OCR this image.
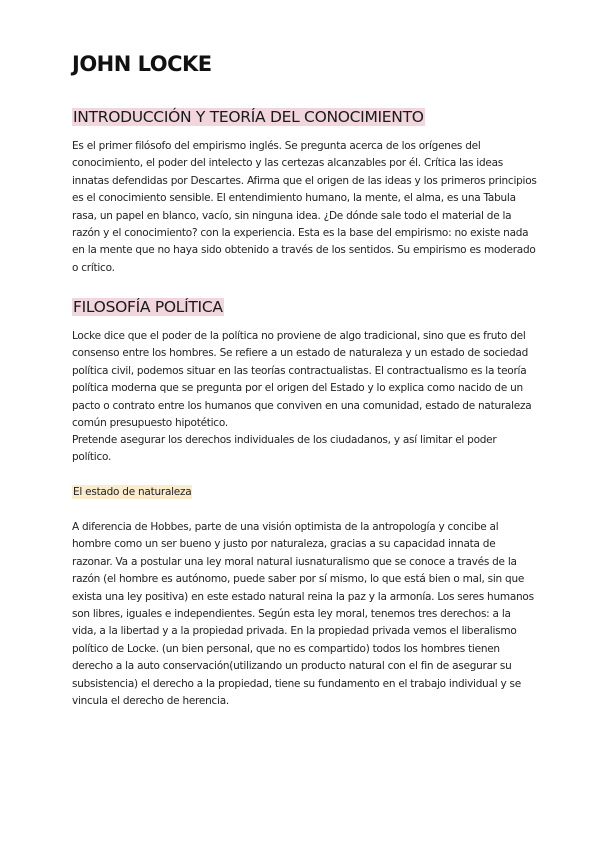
JOHN LOCKE
INTRODUCCIÓN Y TEORÍA DEL CONOCIMIENTO

Es el primer filósofo del empirismo inglés. Se pregunta acerca de los orígenes del conocimiento, el poder del intelecto y las certezas alcanzables por él. Crítica las ideas innatas defendidas por Descartes. Afirma que el origen de las ideas y los primeros principios es el conocimiento sensible. El entendimiento humano, la mente, el alma, es una Tabula rasa, un papel en blanco, vacío, sin ninguna idea. ¿De dónde sale todo el material de la razón y el conocimiento? con la experiencia. Esta es la base del empirismo: no existe nada en la mente que no haya sido obtenido a través de los sentidos. Su empirismo es moderado o crítico.

FILOSOFÍA POLÍTICA

Locke dice que el poder de la política no proviene de algo tradicional, sino que es fruto del consenso entre los hombres. Se refiere a un estado de naturaleza y un estado de sociedad política civil, podemos situar en las teorías contractualistas. El contractualismo es la teoría política moderna que se pregunta por el origen del Estado y lo explica como nacido de un pacto o contrato entre los humanos que conviven en una comunidad, estado de naturaleza común presupuesto hipotético.

Pretende asegurar los derechos individuales de los ciudadanos, y así limitar el poder político.

El estado de naturaleza

A diferencia de Hobbes, parte de una visión optimista de la antropología y concibe al hombre como un ser bueno y justo por naturaleza, gracias a su capacidad innata de razonar. Va a postular una ley moral natural iusnaturalismo que se conoce a través de la razón (el hombre es autónomo, puede saber por sí mismo, lo que está bien o mal, sin que exista una ley positiva) en este estado natural reina la paz y la armonía. Los seres humanos son libres, iguales e independientes. Según esta ley moral, tenemos tres derechos: a la vida, a la libertad y a la propiedad privada. En la propiedad privada vemos el liberalismo político de Locke. (un bien personal, que no es compartido) todos los hombres tienen derecho a la auto conservación(utilizando un producto natural con el fin de asegurar su subsistencia) el derecho a la propiedad, tiene su fundamento en el trabajo individual y se vincula el derecho de herencia.
